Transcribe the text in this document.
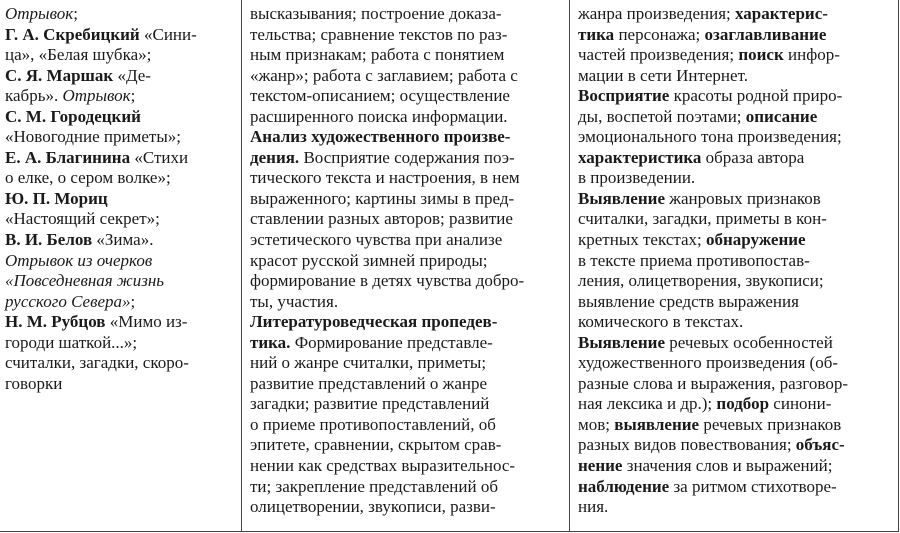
Отрывок;
Г. А. Скребицкий «Сини-
ца», «Белая шубка»;
С. Я. Маршак «Де-
кабрь». Отрывок;
С. М. Городецкий
«Новогодние приметы»;
Е. А. Благинина «Стихи
о елке, о сером волке»;
Ю. П. Мориц
«Настоящий секрет»;
В. И. Белов «Зима».
Отрывок из очерков
«Повседневная жизнь
русского Севера»;
Н. М. Рубцов «Мимо из-
городи шаткой...»;
считалки, загадки, скоро-
говорки
высказывания; построение доказа-
тельства; сравнение текстов по раз-
ным признакам; работа с понятием
«жанр»; работа с заглавием; работа с
текстом-описанием; осуществление
расширенного поиска информации.
Анализ художественного произве-
дения. Восприятие содержания поэ-
тического текста и настроения, в нем
выраженного; картины зимы в пред-
ставлении разных авторов; развитие
эстетического чувства при анализе
красот русской зимней природы;
формирование в детях чувства добро-
ты, участия.
Литературоведческая пропедев-
тика. Формирование представле-
ний о жанре считалки, приметы;
развитие представлений о жанре
загадки; развитие представлений
о приеме противопоставлений, об
эпитете, сравнении, скрытом срав-
нении как средствах выразительнос-
ти; закрепление представлений об
олицетворении, звукописи, разви-
жанра произведения; характерис-
тика персонажа; озаглавливание
частей произведения; поиск инфор-
мации в сети Интернет.
Восприятие красоты родной приро-
ды, воспетой поэтами; описание
эмоционального тона произведения;
характеристика образа автора
в произведении.
Выявление жанровых признаков
считалки, загадки, приметы в кон-
кретных текстах; обнаружение
в тексте приема противопостав-
ления, олицетворения, звукописи;
выявление средств выражения
комического в текстах.
Выявление речевых особенностей
художественного произведения (об-
разные слова и выражения, разговор-
ная лексика и др.); подбор синони-
мов; выявление речевых признаков
разных видов повествования; объяс-
нение значения слов и выражений;
наблюдение за ритмом стихотворе-
ния.
